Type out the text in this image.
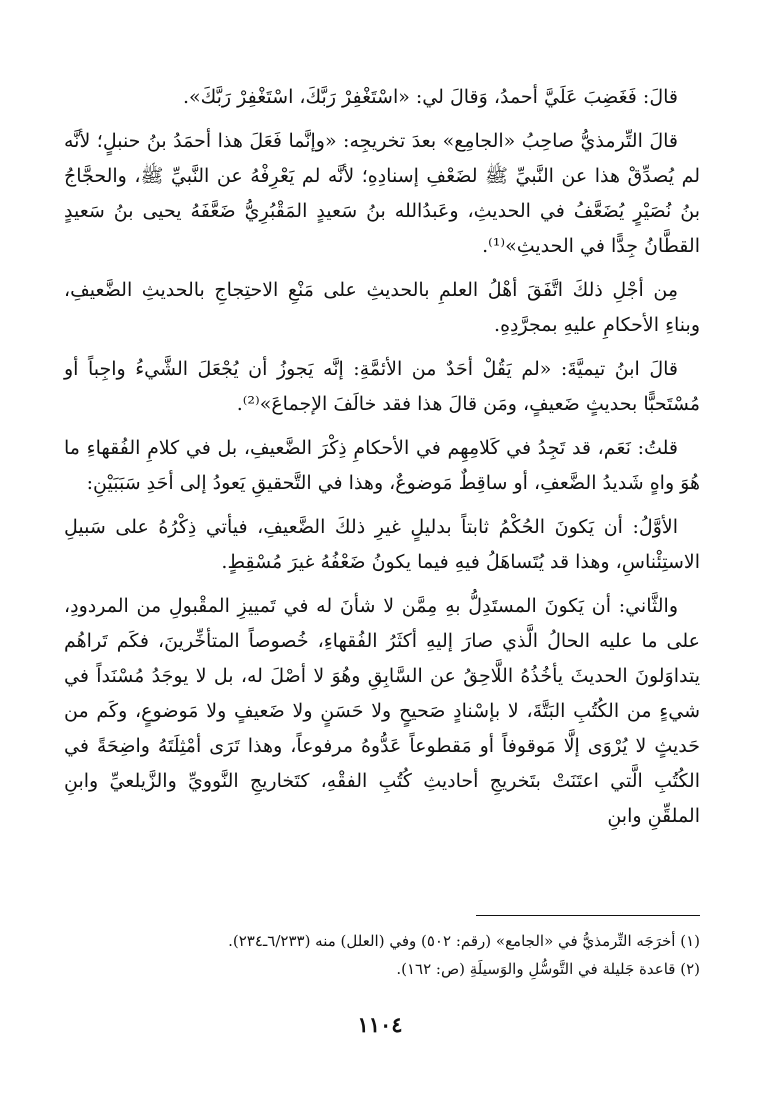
قالَ: فَغَضِبَ عَلَيَّ أحمدُ، وَقالَ لي: «اسْتَغْفِرْ رَبَّكَ، اسْتَغْفِرْ رَبَّكَ».

قالَ التِّرمذيُّ صاحِبُ «الجامِع» بعدَ تخريجِه: «وإنَّما فَعَلَ هذا أحمَدُ بنُ حنبلٍ؛ لأنَّه لم يُصدِّقْ هذا عن النَّبيِّ ﷺ لضَعْفِ إسنادِهِ؛ لأنَّه لم يَعْرِفْهُ عن النَّبيِّ ﷺ، والحجَّاجُ بنُ نُصَيْرٍ يُضَعَّفُ في الحديثِ، وعَبدُالله بنُ سَعيدٍ المَقْبُرِيُّ ضَعَّفَهُ يحيى بنُ سَعيدٍ القطَّانُ جِدًّا في الحديثِ»⁽¹⁾.

مِن أجْلِ ذلكَ اتَّفَقَ أهْلُ العلمِ بالحديثِ على مَنْعِ الاحتِجاجِ بالحديثِ الضَّعيفِ، وبناءِ الأحكامِ عليهِ بمجرَّدِهِ.

قالَ ابنُ تيميَّةَ: «لم يَقُلْ أحَدٌ من الأئمَّةِ: إنَّه يَجوزُ أن يُجْعَلَ الشَّيءُ واجِباً أو مُسْتَحبًّا بحديثٍ ضَعيفٍ، ومَن قالَ هذا فقد خالَفَ الإجماعَ»⁽²⁾.

قلتُ: نَعَم، قد تَجِدُ في كَلامِهِم في الأحكامِ ذِكْرَ الضَّعيفِ، بل في كلامِ الفُقهاءِ ما هُوَ واهٍ شَديدُ الضَّعفِ، أو ساقِطٌ مَوضوعٌ، وهذا في التَّحقيقِ يَعودُ إلى أحَدِ سَبَبَيْنِ:

الأوَّلُ: أن يَكونَ الحُكْمُ ثابتاً بدليلٍ غيرِ ذلكَ الضَّعيفِ، فيأتي ذِكْرُهُ على سَبيلِ الاستِئْناسِ، وهذا قد يُتَساهَلُ فيهِ فيما يكونُ ضَعْفُهُ غيرَ مُسْقِطٍ.

والثَّاني: أن يَكونَ المستَدِلُّ بهِ مِمَّن لا شأنَ له في تَمييزِ المقْبولِ من المردودِ، على ما عليه الحالُ الَّذي صارَ إليهِ أكثَرُ الفُقهاءِ، خُصوصاً المتأخِّرينَ، فكَم تَراهُم يتداوَلونَ الحديثَ يأخُذُهُ اللَّاحِقُ عن السَّابِقِ وهُوَ لا أصْلَ له، بل لا يوجَدُ مُسْنَداً في شيءٍ من الكُتُبِ البَتَّةَ، لا بإسْنادٍ صَحيحٍ ولا حَسَنٍ ولا ضَعيفٍ ولا مَوضوعٍ، وكَم من حَديثٍ لا يُرْوَى إلَّا مَوقوفاً أو مَقطوعاً عَدُّوهُ مرفوعاً، وهذا تَرَى أمْثِلَتَهُ واضِحَةً في الكُتُبِ الَّتي اعتَنَتْ بتَخريجِ أحاديثِ كُتُبِ الفقْهِ، كتَخاريجِ النَّوويِّ والزَّيلعيِّ وابنِ الملقِّنِ وابنِ

(١) أخرَجَه التِّرمذيُّ في «الجامع» (رقم: ٥٠٢) وفي (العلل) منه (٦/٢٣٣ـ٢٣٤).

(٢) قاعدة جَليلة في التَّوسُّلِ والوَسيلَةِ (ص: ١٦٢).

١١٠٤
